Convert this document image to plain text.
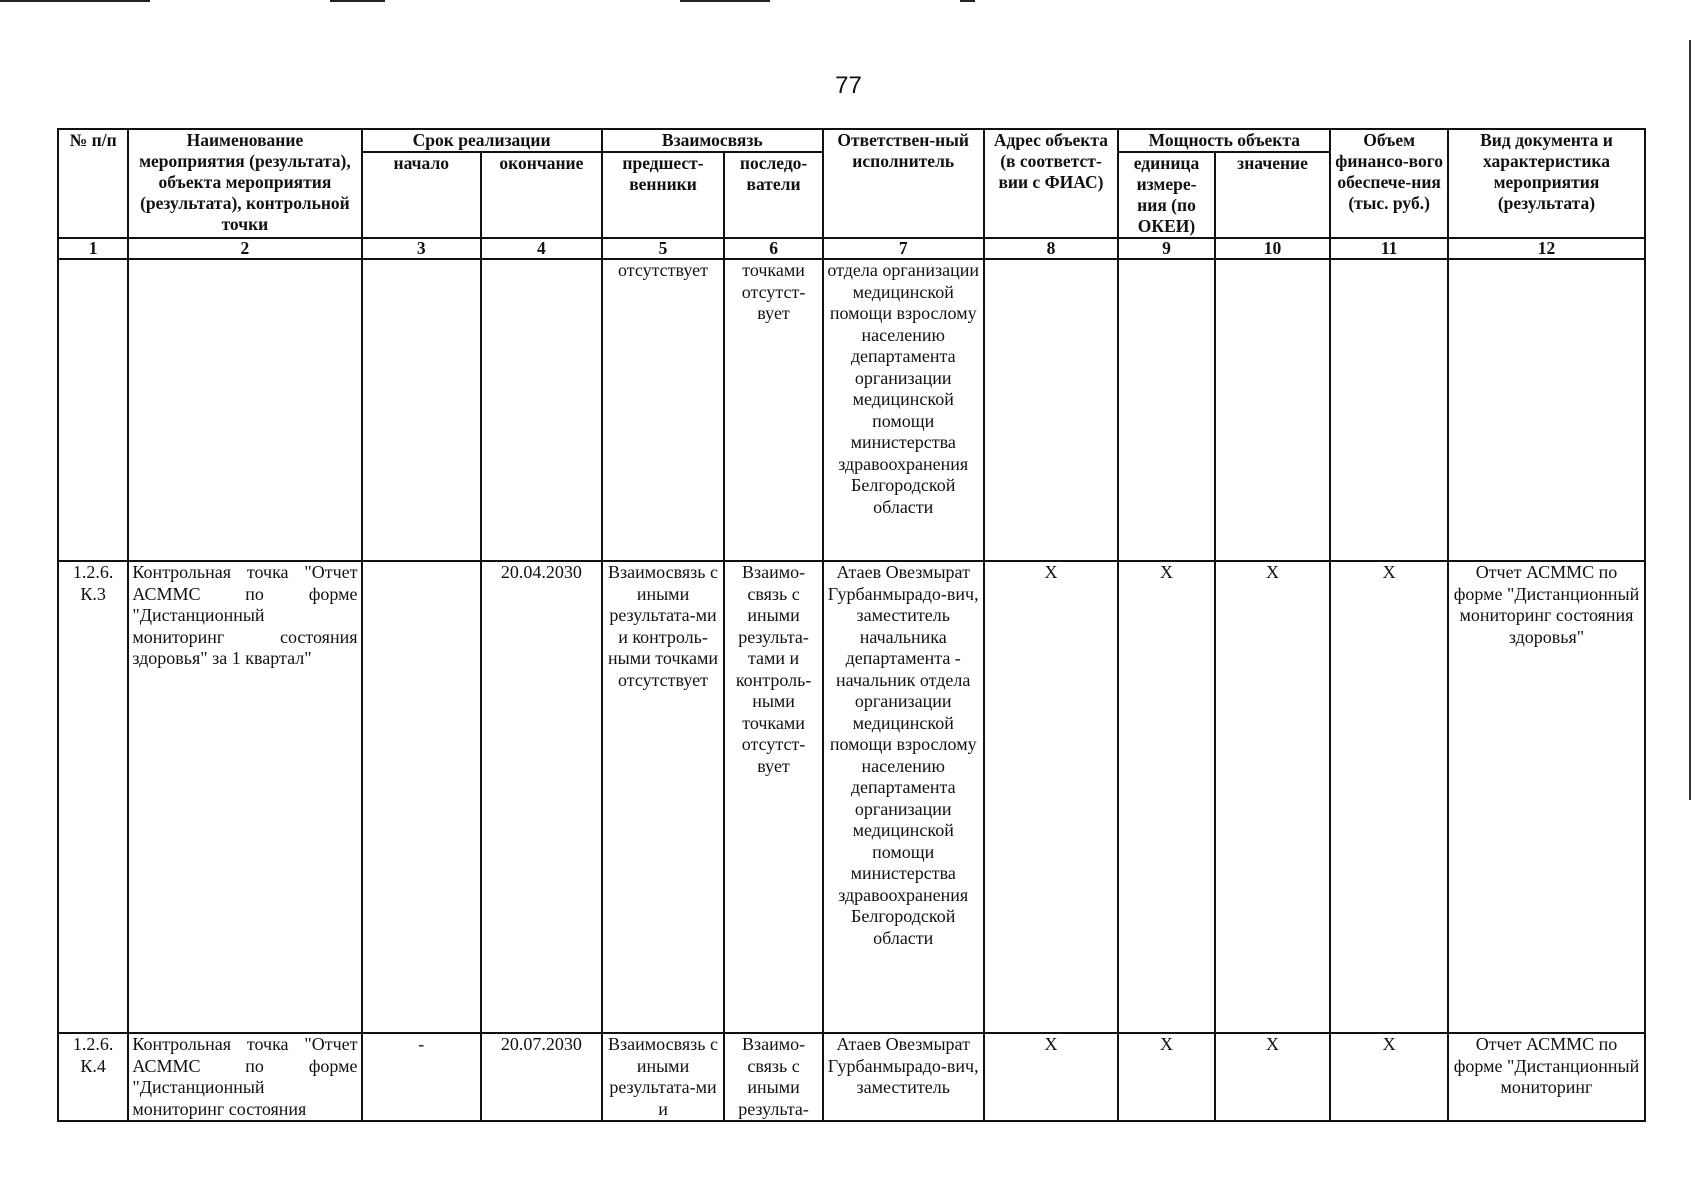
77
№ п/п	Наименование мероприятия (результата), объекта мероприятия (результата), контрольной точки	Срок реализации		Взаимосвязь		Ответствен-ный исполнитель	Адрес объекта (в соответст-вии с ФИАС)	Мощность объекта		Объем финансо-вого обеспече-ния (тыс. руб.)	Вид документа и характеристика мероприятия (результата)
		начало	окончание	предшест-венники	последо-ватели			единица измере-ния (по ОКЕИ)	значение		
1	2	3	4	5	6	7	8	9	10	11	12
				отсутствует	точками отсутст-вует	отдела организации медицинской помощи взрослому населению департамента организации медицинской помощи министерства здравоохранения Белгородской области					
1.2.6. К.3	Контрольная точка "Отчет АСММС по форме "Дистанционный мониторинг состояния здоровья" за 1 квартал"		20.04.2030	Взаимосвязь с иными результата-ми и контроль-ными точками отсутствует	Взаимо-связь с иными результа-тами и контроль-ными точками отсутст-вует	Атаев Овезмырат Гурбанмырадо-вич, заместитель начальника департамента - начальник отдела организации медицинской помощи взрослому населению департамента организации медицинской помощи министерства здравоохранения Белгородской области	X	X	X	X	Отчет АСММС по форме "Дистанционный мониторинг состояния здоровья"
1.2.6. К.4	Контрольная точка "Отчет АСММС по форме "Дистанционный мониторинг состояния	-	20.07.2030	Взаимосвязь с иными результата-ми и	Взаимо-связь с иными результа-	Атаев Овезмырат Гурбанмырадо-вич, заместитель	X	X	X	X	Отчет АСММС по форме "Дистанционный мониторинг
